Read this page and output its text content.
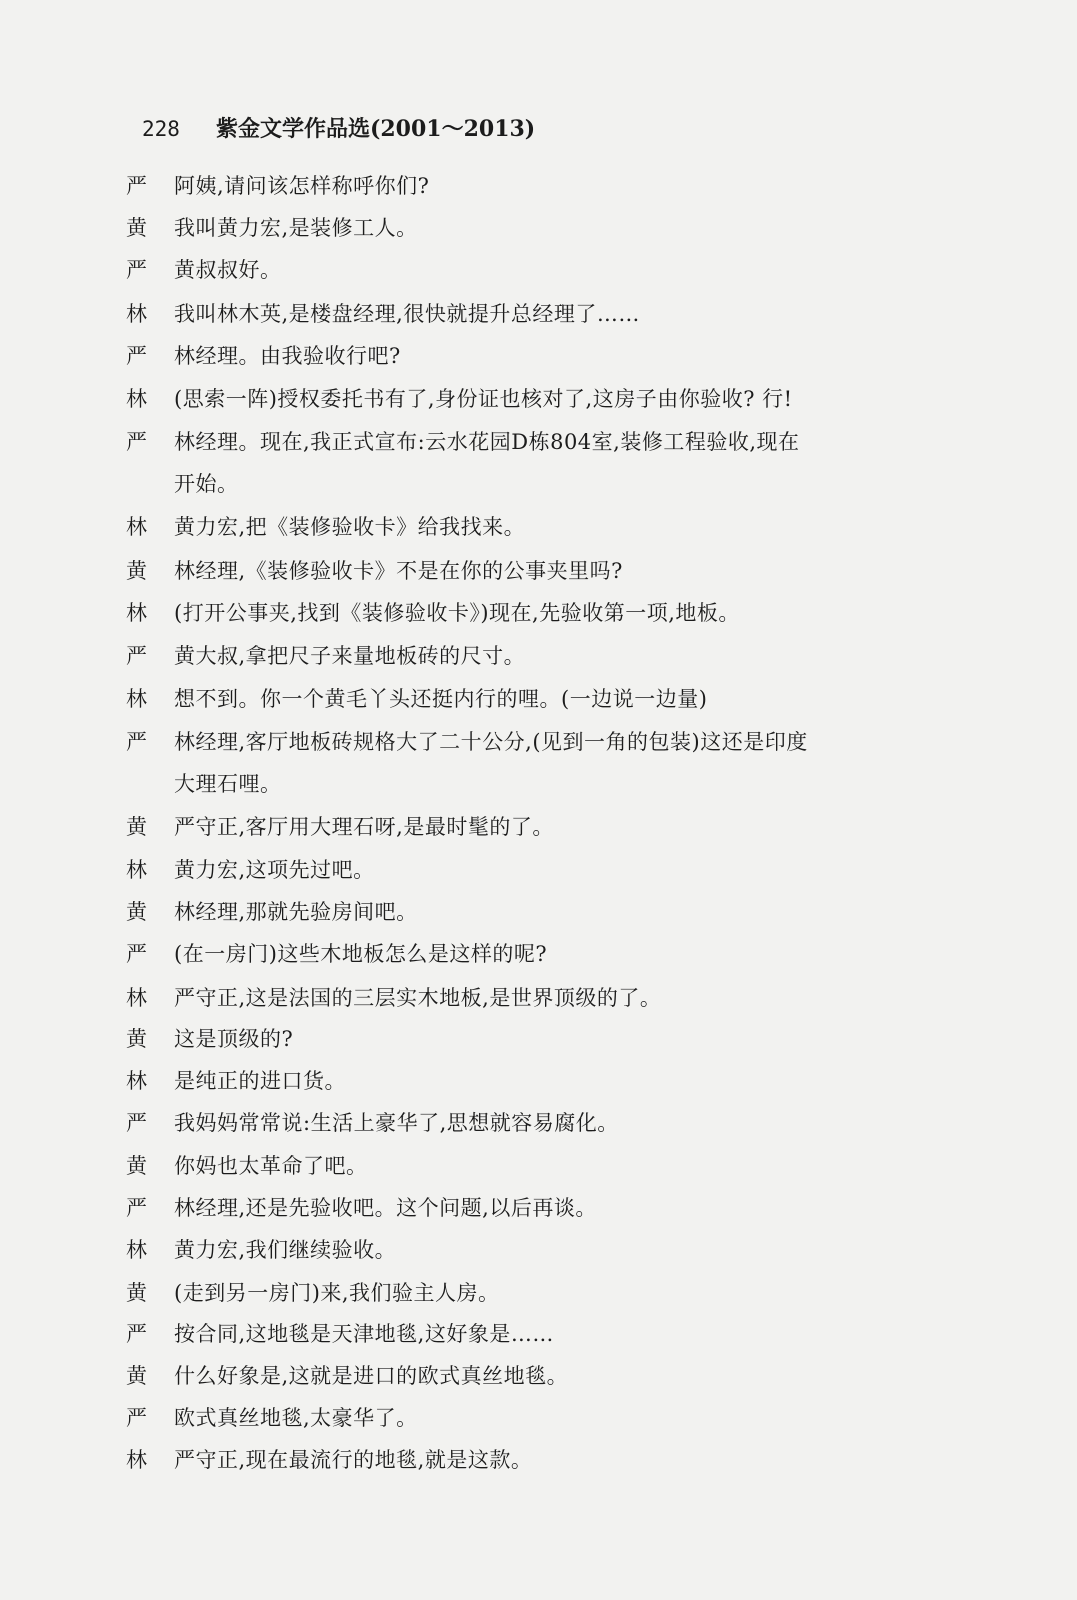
228 紫金文学作品选(2001～2013)
严	阿姨,请问该怎样称呼你们?
黄	我叫黄力宏,是装修工人。
严	黄叔叔好。
林	我叫林木英,是楼盘经理,很快就提升总经理了……
严	林经理。由我验收行吧?
林	(思索一阵)授权委托书有了,身份证也核对了,这房子由你验收? 行!
严	林经理。现在,我正式宣布:云水花园D栋804室,装修工程验收,现在
开始。
林	黄力宏,把《装修验收卡》给我找来。
黄	林经理,《装修验收卡》不是在你的公事夹里吗?
林	(打开公事夹,找到《装修验收卡》)现在,先验收第一项,地板。
严	黄大叔,拿把尺子来量地板砖的尺寸。
林	想不到。你一个黄毛丫头还挺内行的哩。(一边说一边量)
严	林经理,客厅地板砖规格大了二十公分,(见到一角的包装)这还是印度
大理石哩。
黄	严守正,客厅用大理石呀,是最时髦的了。
林	黄力宏,这项先过吧。
黄	林经理,那就先验房间吧。
严	(在一房门)这些木地板怎么是这样的呢?
林	严守正,这是法国的三层实木地板,是世界顶级的了。
黄	这是顶级的?
林	是纯正的进口货。
严	我妈妈常常说:生活上豪华了,思想就容易腐化。
黄	你妈也太革命了吧。
严	林经理,还是先验收吧。这个问题,以后再谈。
林	黄力宏,我们继续验收。
黄	(走到另一房门)来,我们验主人房。
严	按合同,这地毯是天津地毯,这好象是……
黄	什么好象是,这就是进口的欧式真丝地毯。
严	欧式真丝地毯,太豪华了。
林	严守正,现在最流行的地毯,就是这款。
